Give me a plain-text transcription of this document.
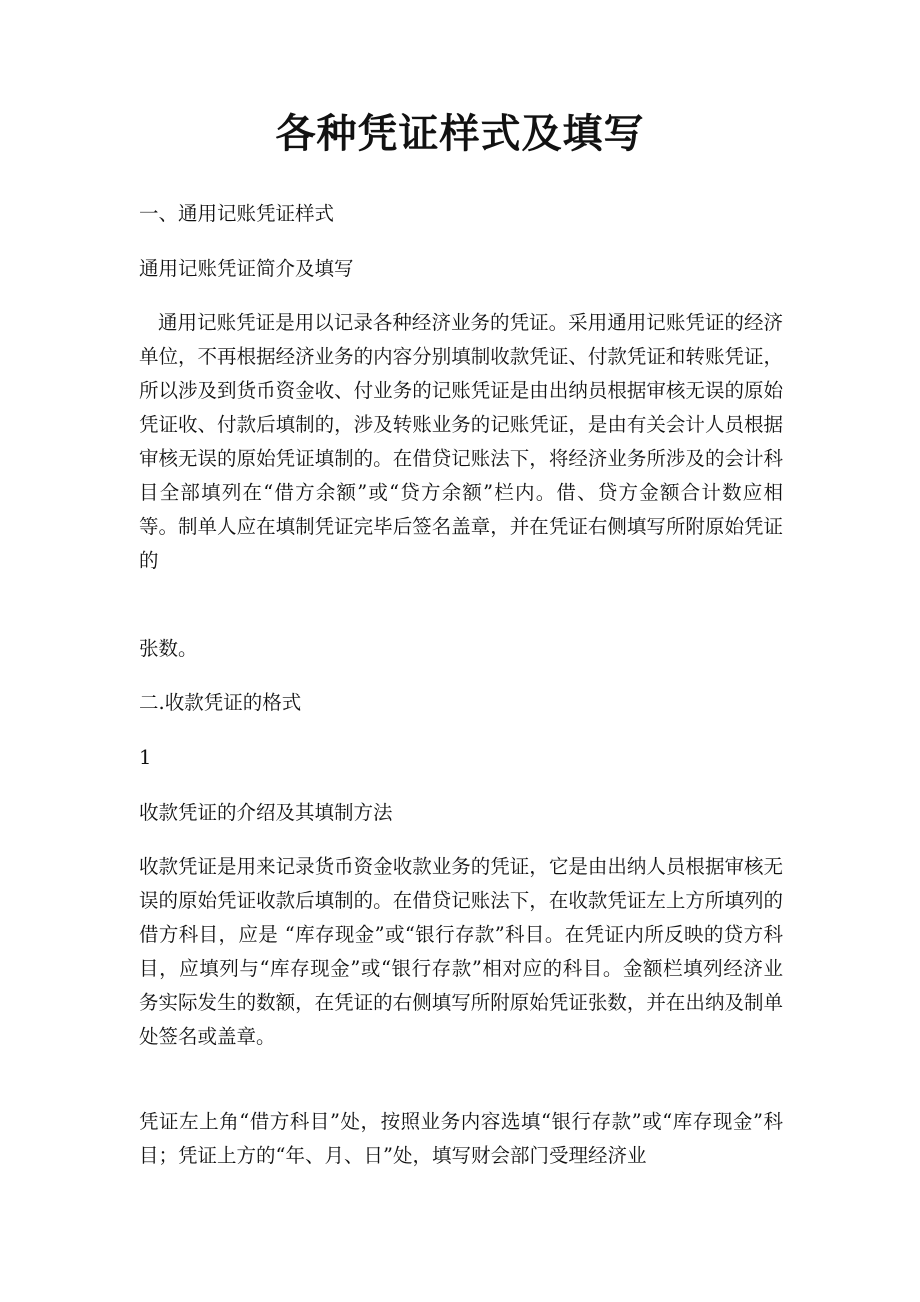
各种凭证样式及填写

一、通用记账凭证样式

通用记账凭证简介及填写

通用记账凭证是用以记录各种经济业务的凭证。采用通用记账凭证的经济单位，不再根据经济业务的内容分别填制收款凭证、付款凭证和转账凭证，所以涉及到货币资金收、付业务的记账凭证是由出纳员根据审核无误的原始凭证收、付款后填制的，涉及转账业务的记账凭证，是由有关会计人员根据审核无误的原始凭证填制的。在借贷记账法下，将经济业务所涉及的会计科目全部填列在“借方余额”或“贷方余额”栏内。借、贷方金额合计数应相等。制单人应在填制凭证完毕后签名盖章，并在凭证右侧填写所附原始凭证的

张数。

二.收款凭证的格式

1

收款凭证的介绍及其填制方法

收款凭证是用来记录货币资金收款业务的凭证，它是由出纳人员根据审核无误的原始凭证收款后填制的。在借贷记账法下，在收款凭证左上方所填列的借方科目，应是 “库存现金”或“银行存款”科目。在凭证内所反映的贷方科目，应填列与“库存现金”或“银行存款”相对应的科目。金额栏填列经济业务实际发生的数额，在凭证的右侧填写所附原始凭证张数，并在出纳及制单处签名或盖章。

凭证左上角“借方科目”处，按照业务内容选填“银行存款”或“库存现金”科目；凭证上方的“年、月、日”处，填写财会部门受理经济业
